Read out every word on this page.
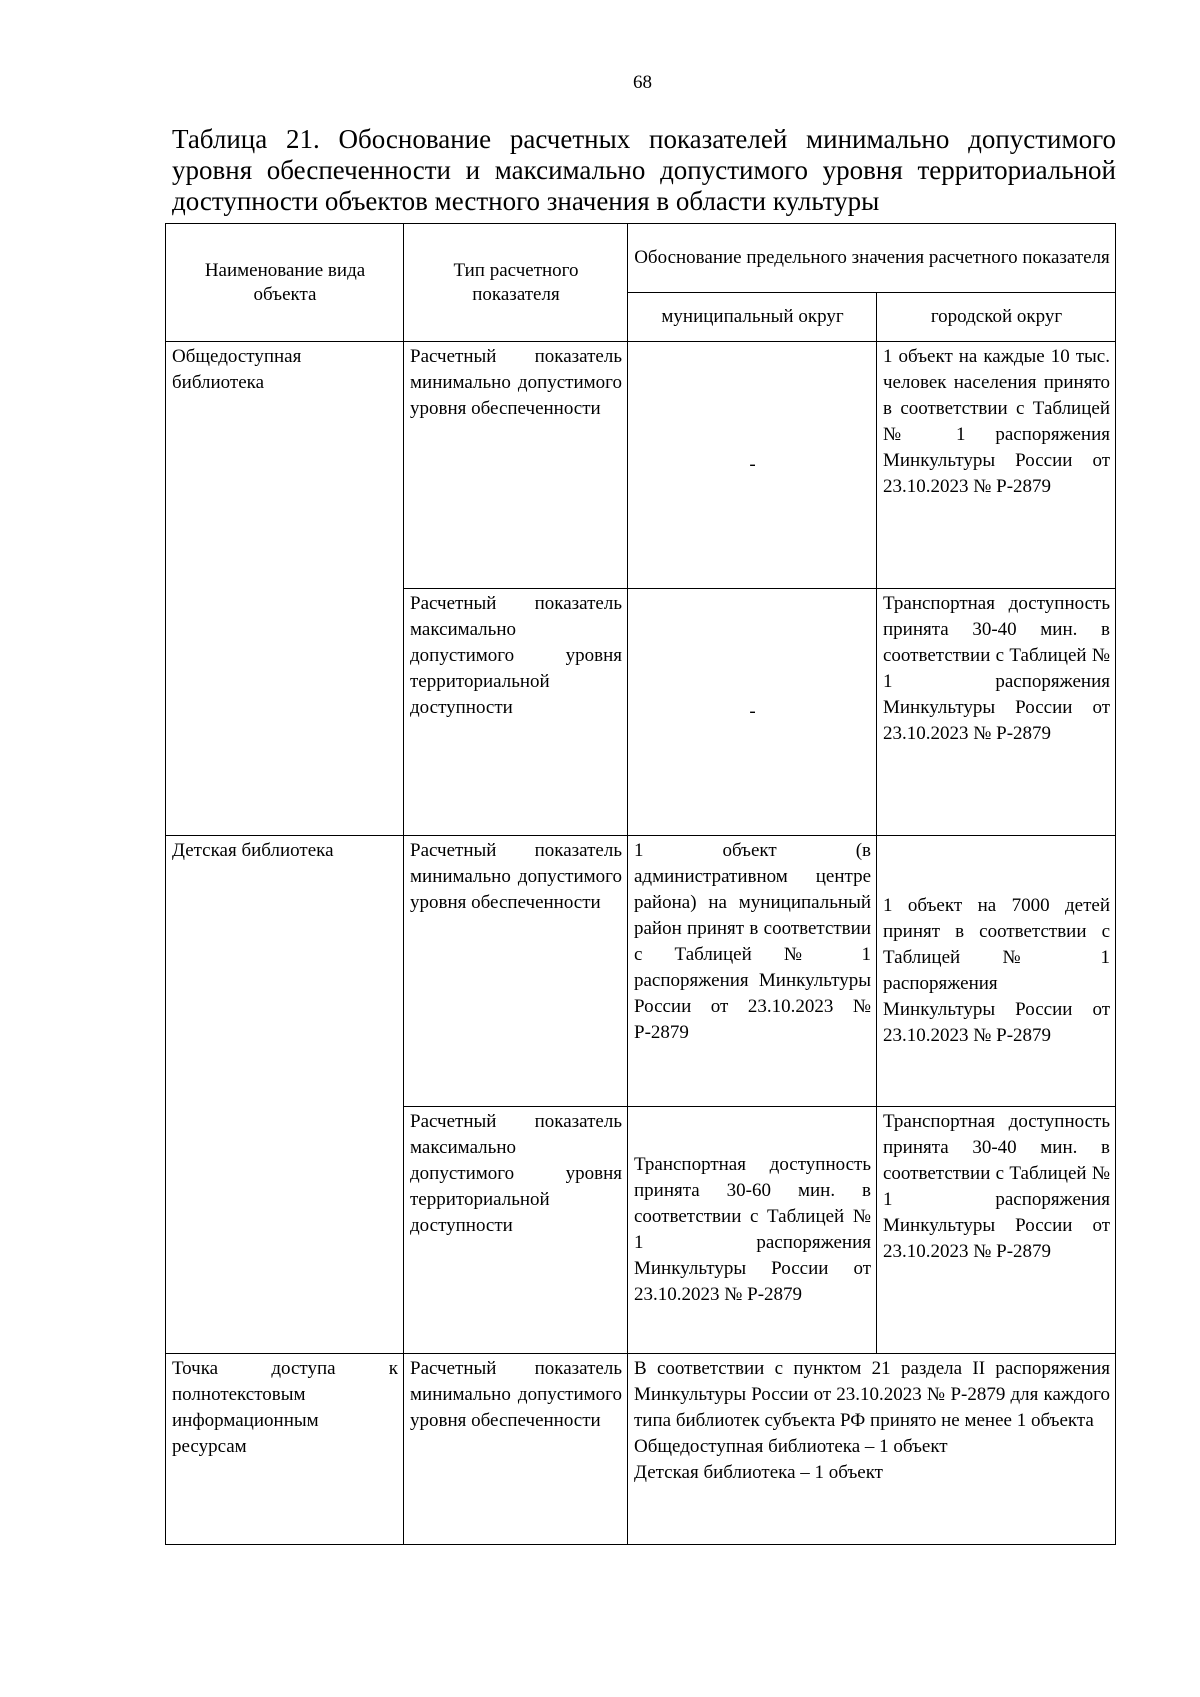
68
Таблица 21. Обоснование расчетных показателей минимально допустимого уровня обеспеченности и максимально допустимого уровня территориальной доступности объектов местного значения в области культуры
Наименование вида объекта	Тип расчетного показателя	Обоснование предельного значения расчетного показателя	
		муниципальный округ	городской округ
Общедоступная библиотека	Расчетный показатель минимально допустимого уровня обеспеченности	-	1 объект на каждые 10 тыс. человек населения принято в соответствии с Таблицей № 1 распоряжения Минкультуры России от 23.10.2023 № Р-2879
	Расчетный показатель максимально допустимого уровня территориальной доступности	-	Транспортная доступность принята 30-40 мин. в соответствии с Таблицей № 1 распоряжения Минкультуры России от 23.10.2023 № Р-2879
Детская библиотека	Расчетный показатель минимально допустимого уровня обеспеченности	1 объект (в административном центре района) на муниципальный район принят в соответствии с Таблицей № 1 распоряжения Минкультуры России от 23.10.2023 № Р-2879	1 объект на 7000 детей принят в соответствии с Таблицей № 1 распоряжения Минкультуры России от 23.10.2023 № Р-2879
	Расчетный показатель максимально допустимого уровня территориальной доступности	Транспортная доступность принята 30-60 мин. в соответствии с Таблицей № 1 распоряжения Минкультуры России от 23.10.2023 № Р-2879	Транспортная доступность принята 30-40 мин. в соответствии с Таблицей № 1 распоряжения Минкультуры России от 23.10.2023 № Р-2879
Точка доступа к полнотекстовым информационным ресурсам	Расчетный показатель минимально допустимого уровня обеспеченности	В соответствии с пунктом 21 раздела II распоряжения Минкультуры России от 23.10.2023 № Р-2879 для каждого типа библиотек субъекта РФ принято не менее 1 объекта
Общедоступная библиотека – 1 объект
Детская библиотека – 1 объект	
